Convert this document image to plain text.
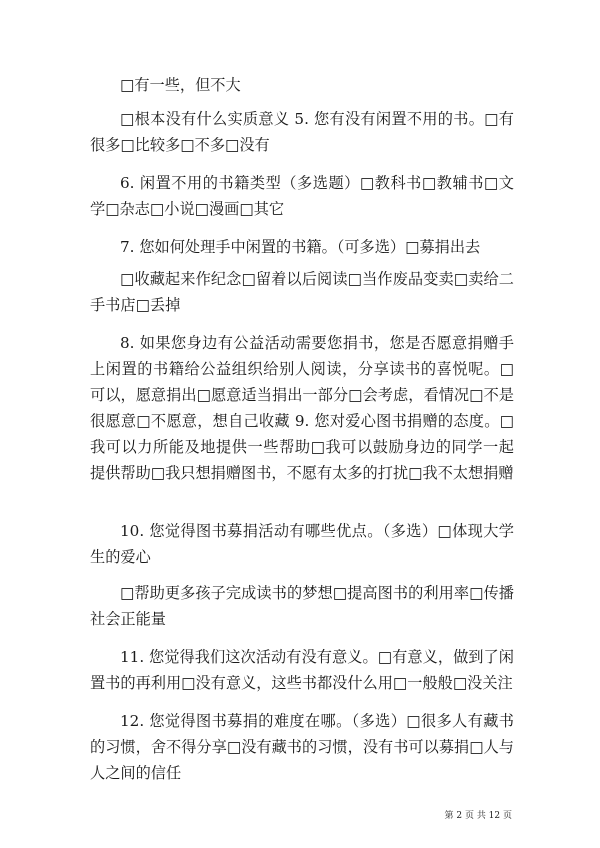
□有一些，但不大

□根本没有什么实质意义 5. 您有没有闲置不用的书。□有很多□比较多□不多□没有

6. 闲置不用的书籍类型（多选题）□教科书□教辅书□文学□杂志□小说□漫画□其它

7. 您如何处理手中闲置的书籍。（可多选）□募捐出去

□收藏起来作纪念□留着以后阅读□当作废品变卖□卖给二手书店□丢掉

8. 如果您身边有公益活动需要您捐书，您是否愿意捐赠手上闲置的书籍给公益组织给别人阅读，分享读书的喜悦呢。□可以，愿意捐出□愿意适当捐出一部分□会考虑，看情况□不是很愿意□不愿意，想自己收藏 9. 您对爱心图书捐赠的态度。□我可以力所能及地提供一些帮助□我可以鼓励身边的同学一起提供帮助□我只想捐赠图书，不愿有太多的打扰□我不太想捐赠

10. 您觉得图书募捐活动有哪些优点。（多选）□体现大学生的爱心

□帮助更多孩子完成读书的梦想□提高图书的利用率□传播社会正能量

11. 您觉得我们这次活动有没有意义。□有意义，做到了闲置书的再利用□没有意义，这些书都没什么用□一般般□没关注

12. 您觉得图书募捐的难度在哪。（多选）□很多人有藏书的习惯，舍不得分享□没有藏书的习惯，没有书可以募捐□人与人之间的信任

第 2 页 共 12 页
